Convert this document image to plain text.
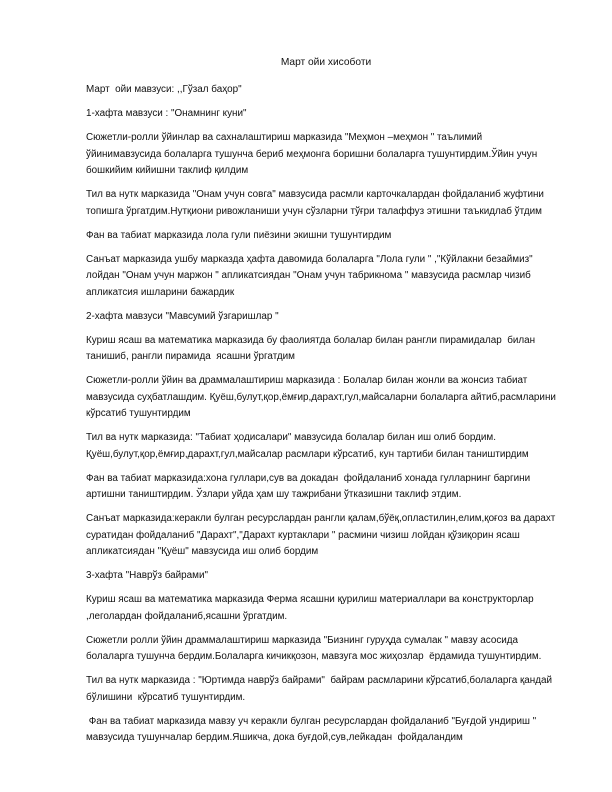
Март ойи хисоботи
Март  ойи мавзуси: ,,Гўзал баҳор"
1-хафта мавзуси : "Онамнинг куни"
Сюжетли-ролли ўйинлар ва сахналаштириш марказида "Меҳмон –меҳмон " таълимий ўйинимавзусида болаларга тушунча бериб меҳмонга боришни болаларга тушунтирдим.Ўйин учун бошкийим кийишни таклиф қилдим
Тил ва нутк марказида "Онам учун совга" мавзусида расмли карточкалардан фойдаланиб жуфтини топишга ўргатдим.Нутқиони ривожланиши учун сўзларни тўғри талаффуз этишни таъкидлаб ўтдим
Фан ва табиат марказида лола гули пиёзини экишни тушунтирдим
Санъат марказида ушбу марказда ҳафта давомида болаларга "Лола гули " ,"Кўйлакни безаймиз" лойдан "Онам учун маржон " апликатсиядан "Онам учун табрикнома " мавзусида расмлар чизиб апликатсия ишларини бажардик
2-хафта мавзуси "Мавсумий ўзгаришлар "
Куриш ясаш ва математика марказида бу фаолиятда болалар билан рангли пирамидалар  билан танишиб, рангли пирамида  ясашни ўргатдим
Сюжетли-ролли ўйин ва драммалаштириш марказида : Болалар билан жонли ва жонсиз табиат мавзусида суҳбатлашдим. Қуёш,булут,қор,ёмғир,дарахт,гул,майсаларни болаларга айтиб,расмларини кўрсатиб тушунтирдим
Тил ва нутк марказида: "Табиат ҳодисалари" мавзусида болалар билан иш олиб бордим. Қуёш,булут,қор,ёмғир,дарахт,гул,майсалар расмлари кўрсатиб, кун тартиби билан таништирдим
Фан ва табиат марказида:хона гуллари,сув ва докадан  фойдаланиб хонада гулларнинг баргини артишни таништирдим. Ўзлари уйда ҳам шу тажрибани ўтказишни таклиф этдим.
Санъат марказида:керакли булган ресурслардан рангли қалам,бўёқ,опластилин,елим,қоғоз ва дарахт суратидан фойдаланиб "Дарахт","Дарахт куртаклари " расмини чизиш лойдан қўзиқорин ясаш апликатсиядан "Қуёш" мавзусида иш олиб бордим
3-хафта "Наврўз байрами"
Куриш ясаш ва математика марказида Ферма ясашни қурилиш материаллари ва конструкторлар ,леголардан фойдаланиб,ясашни ўргатдим.
Сюжетли ролли ўйин драммалаштириш марказида "Бизнинг гуруҳда сумалак " мавзу асосида болаларга тушунча бердим.Болаларга кичикқозон, мавзуга мос жиҳозлар  ёрдамида тушунтирдим.
Тил ва нутк марказида : "Юртимда наврўз байрами"  байрам расмларини кўрсатиб,болаларга қандай бўлишини  кўрсатиб тушунтирдим.
Фан ва табиат марказида мавзу уч керакли булган ресурслардан фойдаланиб "Буғдой ундириш " мавзусида тушунчалар бердим.Яшикча, дока буғдой,сув,лейкадан  фойдаландим
